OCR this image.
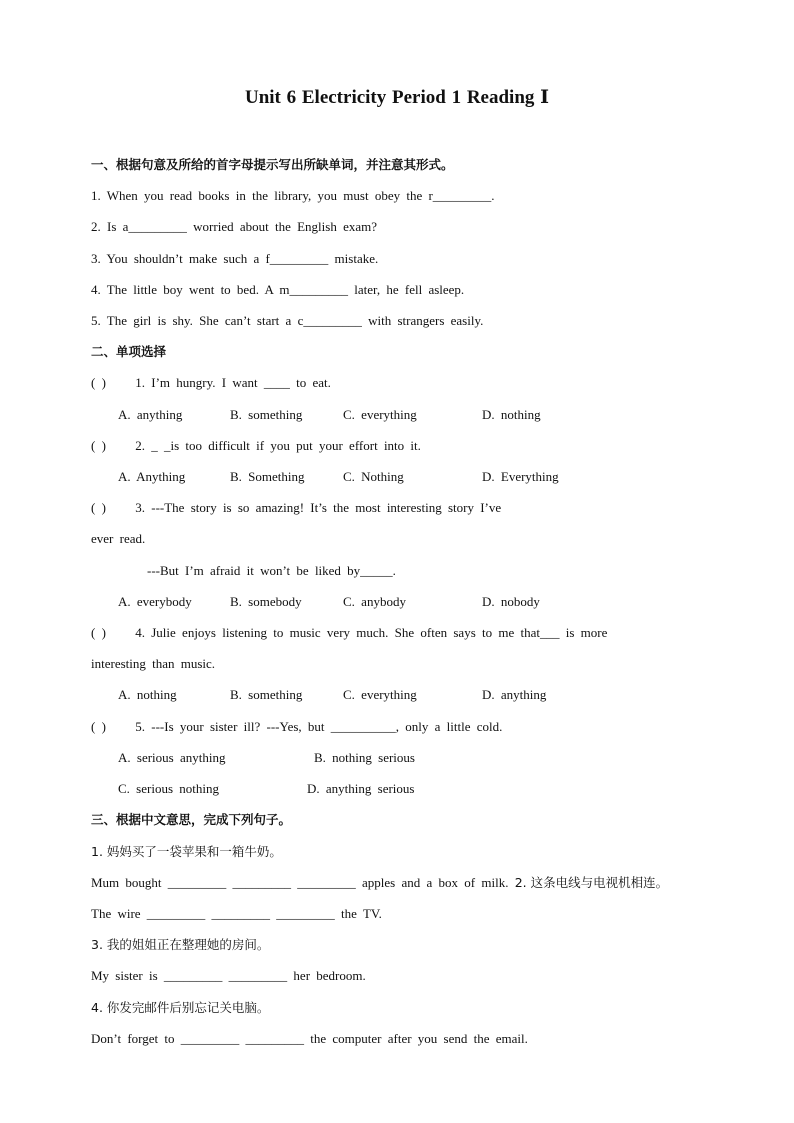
Unit 6 Electricity Period 1 Reading Ⅰ
一、根据句意及所给的首字母提示写出所缺单词，并注意其形式。
1. When you read books in the library, you must obey the r_________.
2. Is a_________ worried about the English exam?
3. You shouldn’t make such a f_________ mistake.
4. The little boy went to bed. A m_________ later, he fell asleep.
5. The girl is shy. She can’t start a c_________ with strangers easily.
二、单项选择
( ) 1. I’m hungry. I want ____ to eat.
A. anything	B. something	C. everything	D. nothing
( ) 2. _ _is too difficult if you put your effort into it.
A. Anything	B. Something	C. Nothing	D. Everything
( ) 3. ---The story is so amazing! It’s the most interesting story I’ve
ever read.
---But I’m afraid it won’t be liked by_____.
A. everybody	B. somebody	C. anybody	D. nobody
( ) 4. Julie enjoys listening to music very much. She often says to me that___ is more
interesting than music.
A. nothing	B. something	C. everything	D. anything
( ) 5. ---Is your sister ill? ---Yes, but __________, only a little cold.
A. serious anything	B. nothing serious
C. serious nothing	D. anything serious
三、根据中文意思，完成下列句子。
1. 妈妈买了一袋苹果和一箱牛奶。
Mum bought _________ _________ _________ apples and a box of milk. 2. 这条电线与电视机相连。
The wire _________ _________ _________ the TV.
3. 我的姐姐正在整理她的房间。
My sister is _________ _________ her bedroom.
4. 你发完邮件后别忘记关电脑。
Don’t forget to _________ _________ the computer after you send the email.
